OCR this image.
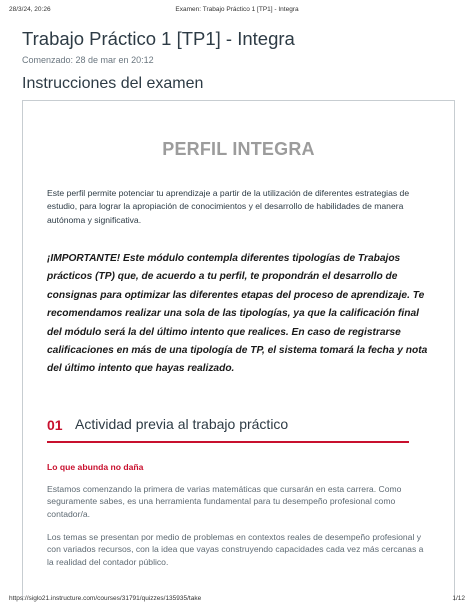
28/3/24, 20:26	Examen: Trabajo Práctico 1 [TP1] - Integra
Trabajo Práctico 1 [TP1] - Integra
Comenzado: 28 de mar en 20:12
Instrucciones del examen
PERFIL INTEGRA

Este perfil permite potenciar tu aprendizaje a partir de la utilización de diferentes estrategias de estudio, para lograr la apropiación de conocimientos y el desarrollo de habilidades de manera autónoma y significativa.

¡IMPORTANTE! Este módulo contempla diferentes tipologías de Trabajos prácticos (TP) que, de acuerdo a tu perfil, te propondrán el desarrollo de consignas para optimizar las diferentes etapas del proceso de aprendizaje. Te recomendamos realizar una sola de las tipologías, ya que la calificación final del módulo será la del último intento que realices. En caso de registrarse calificaciones en más de una tipología de TP, el sistema tomará la fecha y nota del último intento que hayas realizado.

01 Actividad previa al trabajo práctico
Lo que abunda no daña

Estamos comenzando la primera de varias matemáticas que cursarán en esta carrera. Como seguramente sabes, es una herramienta fundamental para tu desempeño profesional como contador/a.

Los temas se presentan por medio de problemas en contextos reales de desempeño profesional y con variados recursos, con la idea que vayas construyendo capacidades cada vez más cercanas a la realidad del contador público.

https://siglo21.instructure.com/courses/31791/quizzes/135935/take	1/12
